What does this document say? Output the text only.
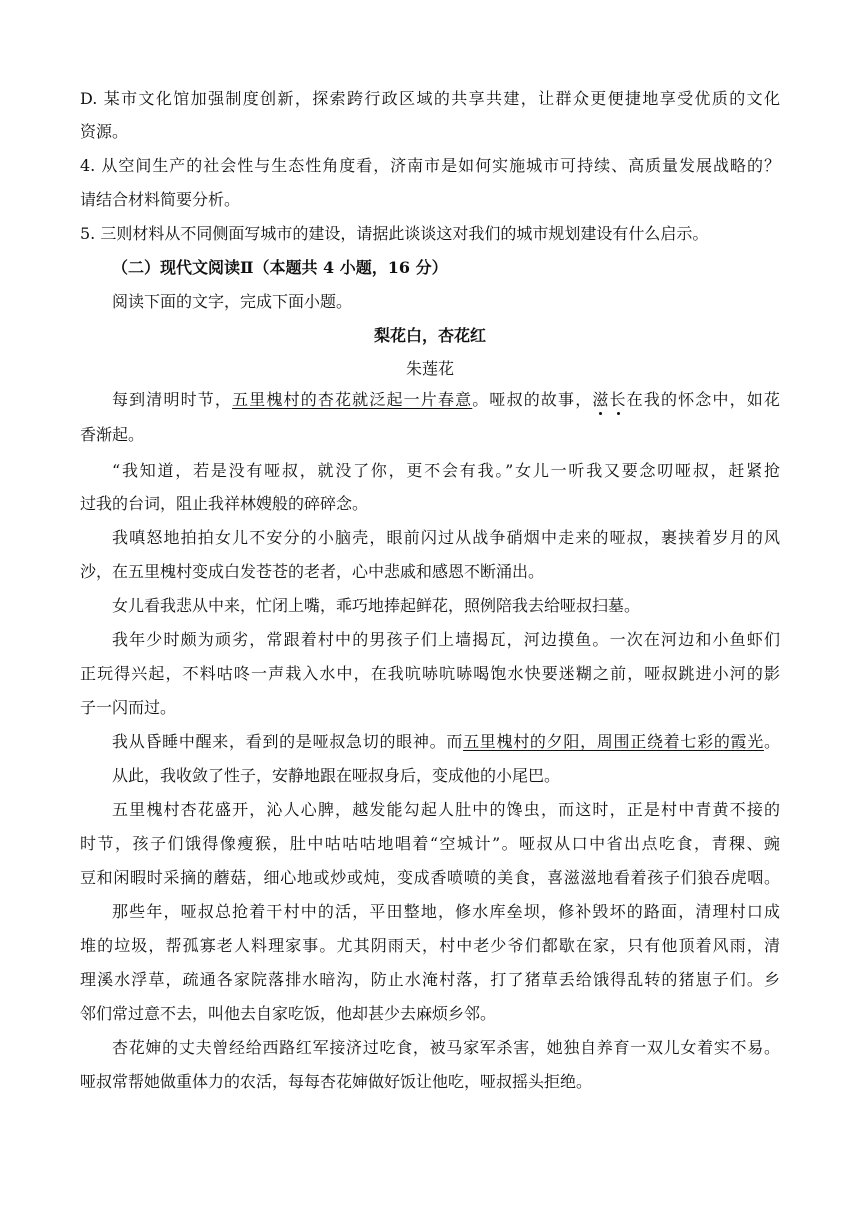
D. 某市文化馆加强制度创新，探索跨行政区域的共享共建，让群众更便捷地享受优质的文化
资源。
4. 从空间生产的社会性与生态性角度看，济南市是如何实施城市可持续、高质量发展战略的？
请结合材料简要分析。
5. 三则材料从不同侧面写城市的建设，请据此谈谈这对我们的城市规划建设有什么启示。
（二）现代文阅读Ⅱ（本题共 4 小题，16 分）
阅读下面的文字，完成下面小题。
梨花白，杏花红
朱莲花
每到清明时节，五里槐村的杏花就泛起一片春意。哑叔的故事，滋长在我的怀念中，如花
香渐起。
“我知道，若是没有哑叔，就没了你，更不会有我。”女儿一听我又要念叨哑叔，赶紧抢
过我的台词，阻止我祥林嫂般的碎碎念。
我嗔怒地拍拍女儿不安分的小脑壳，眼前闪过从战争硝烟中走来的哑叔，裹挟着岁月的风
沙，在五里槐村变成白发苍苍的老者，心中悲戚和感恩不断涌出。
女儿看我悲从中来，忙闭上嘴，乖巧地捧起鲜花，照例陪我去给哑叔扫墓。
我年少时颇为顽劣，常跟着村中的男孩子们上墙揭瓦，河边摸鱼。一次在河边和小鱼虾们
正玩得兴起，不料咕咚一声栽入水中，在我吭哧吭哧喝饱水快要迷糊之前，哑叔跳进小河的影
子一闪而过。
我从昏睡中醒来，看到的是哑叔急切的眼神。而五里槐村的夕阳，周围正绕着七彩的霞光。
从此，我收敛了性子，安静地跟在哑叔身后，变成他的小尾巴。
五里槐村杏花盛开，沁人心脾，越发能勾起人肚中的馋虫，而这时，正是村中青黄不接的
时节，孩子们饿得像瘦猴，肚中咕咕咕地唱着“空城计”。哑叔从口中省出点吃食，青稞、豌
豆和闲暇时采摘的蘑菇，细心地或炒或炖，变成香喷喷的美食，喜滋滋地看着孩子们狼吞虎咽。
那些年，哑叔总抢着干村中的活，平田整地，修水库垒坝，修补毁坏的路面，清理村口成
堆的垃圾，帮孤寡老人料理家事。尤其阴雨天，村中老少爷们都歇在家，只有他顶着风雨，清
理溪水浮草，疏通各家院落排水暗沟，防止水淹村落，打了猪草丢给饿得乱转的猪崽子们。乡
邻们常过意不去，叫他去自家吃饭，他却甚少去麻烦乡邻。
杏花婶的丈夫曾经给西路红军接济过吃食，被马家军杀害，她独自养育一双儿女着实不易。
哑叔常帮她做重体力的农活，每每杏花婶做好饭让他吃，哑叔摇头拒绝。
